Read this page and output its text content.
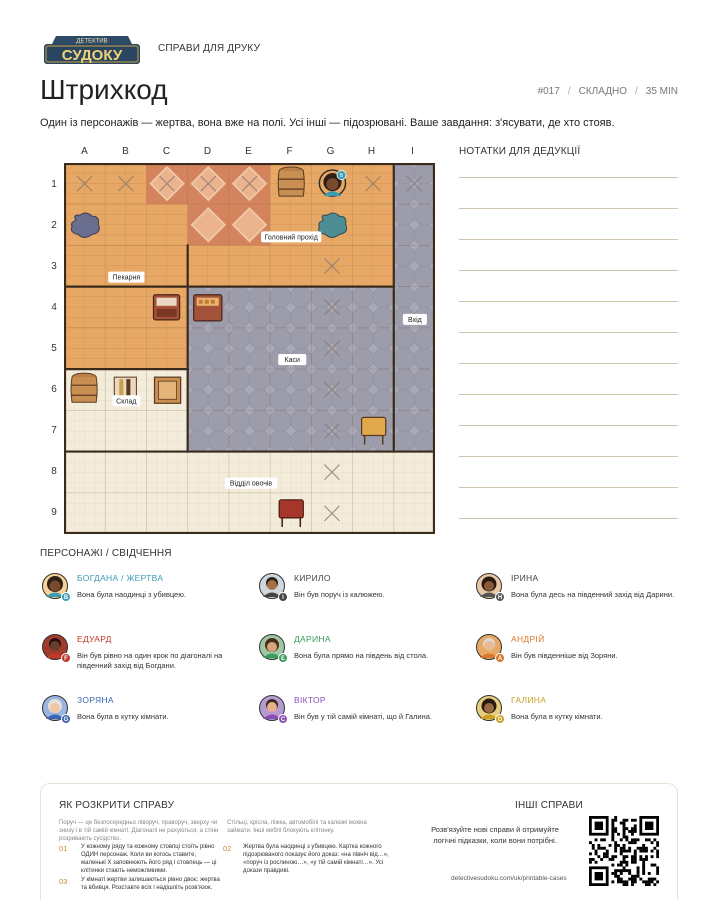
ДЕТЕКТИВ
СУДОКУ	СПРАВИ ДЛЯ ДРУКУ
Штрихкод	#017 / СКЛАДНО / 35 MIN
Один із персонажів — жертва, вона вже на полі. Усі інші — підозрювані. Ваше завдання: з'ясувати, де хто стояв.
A	B	C	D	E	F	G	H	I
1
2
3
4
5
6
7
8
9
B
Головний прохід
Пекарня
Вхід
Каси
Склад
Відділ овочів
НОТАТКИ ДЛЯ ДЕДУКЦІЇ
ПЕРСОНАЖІ / СВІДЧЕННЯ
B
БОГДАНА / ЖЕРТВА
Вона була наодинці з убивцею.	I
КИРИЛО
Він був поруч із калюжею.	H
ІРИНА
Вона була десь на південний захід від Дарини.
F
ЕДУАРД
Він був рівно на один крок по діагоналі на південний захід від Богдани.
E
ДАРИНА
Вона була прямо на південь від стола.	A
АНДРІЙ
Він був південніше від Зоряни.
G
ЗОРЯНА
Вона була в кутку кімнати.	C
ВІКТОР
Він був у тій самій кімнаті, що й Галина.	D
ГАЛИНА
Вона була в кутку кімнати.
ЯК РОЗКРИТИ СПРАВУ
Поруч — це безпосередньо ліворуч, праворуч, зверху чи знизу і в тій самій кімнаті. Діагоналі не рахуються, а стіни розривають сусідство.
Стільці, крісла, ліжка, автомобілі та калюжі можна займати. Інші меблі блокують клітинку.
01 У кожному ряду та кожному стовпці стоїть рівно ОДИН персонаж. Коли ви когось ставите, маленькі X заповнюють його ряд і стовпець — ці клітинки стають неможливими.
02 Жертва була наодинці з убивцею. Картка кожного підозрюваного показує його доказ: «на північ від…», «поруч із рослиною…», «у тій самій кімнаті…». Усі докази правдиві.
03 У кімнаті жертви залишаються рівно двоє: жертва та вбивця. Розставте всіх і надішліть розв'язок.
ІНШІ СПРАВИ
Розв'язуйте нові справи й отримуйте логічні підказки, коли вони потрібні.
detectivesudoku.com/uk/printable-cases
